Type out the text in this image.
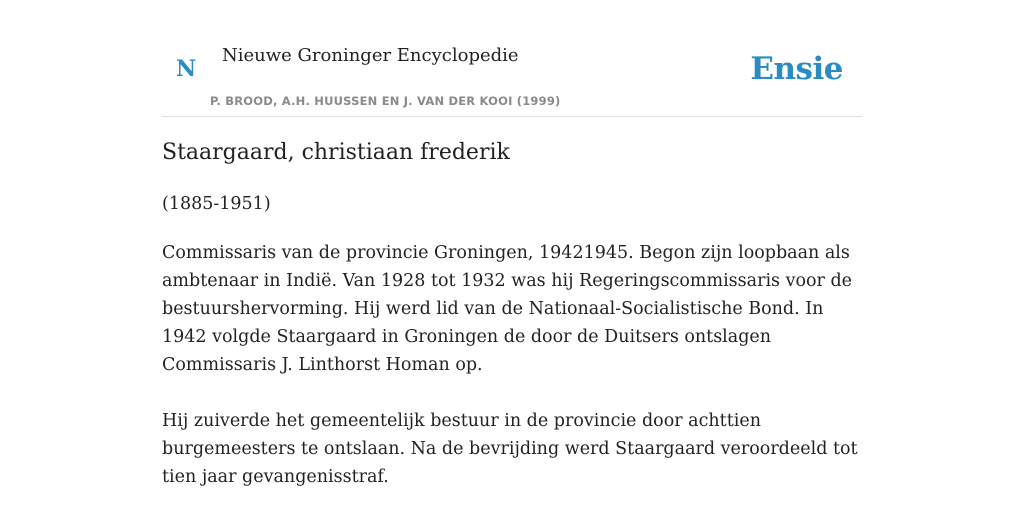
N
Nieuwe Groninger Encyclopedie
P. BROOD, A.H. HUUSSEN EN J. VAN DER KOOI (1999)
Ensie
Staargaard, christiaan frederik
(1885-1951)

Commissaris van de provincie Groningen, 19421945. Begon zijn loopbaan als ambtenaar in Indië. Van 1928 tot 1932 was hij Regeringscommissaris voor de bestuurshervorming. Hij werd lid van de Nationaal-Socialistische Bond. In 1942 volgde Staargaard in Groningen de door de Duitsers ontslagen Commissaris J. Linthorst Homan op.

Hij zuiverde het gemeentelijk bestuur in de provincie door achttien burgemeesters te ontslaan. Na de bevrijding werd Staargaard veroordeeld tot tien jaar gevangenisstraf.
